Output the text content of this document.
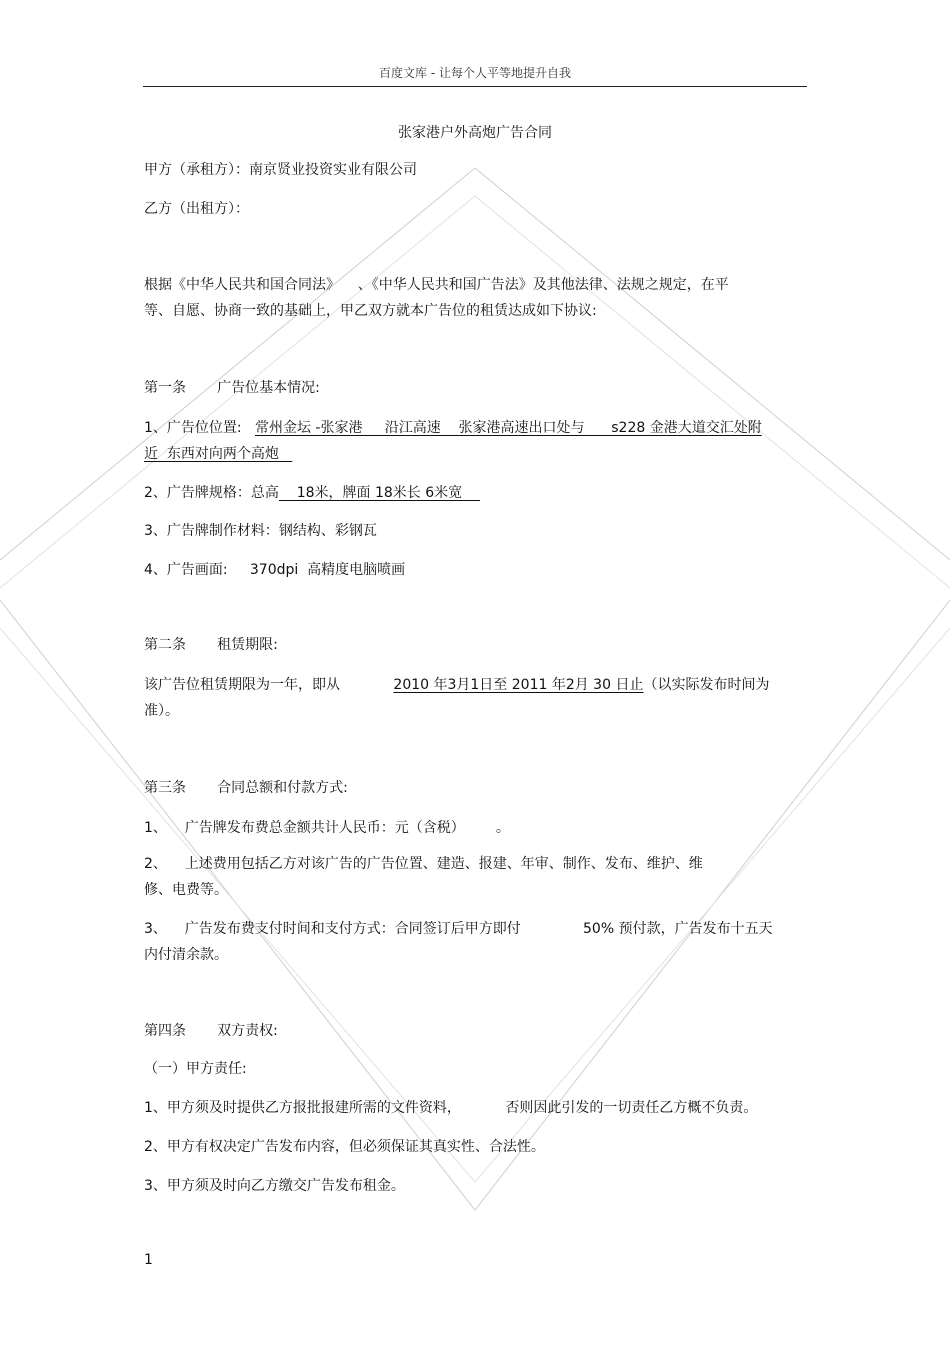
百度文库 - 让每个人平等地提升自我
张家港户外高炮广告合同
甲方（承租方）：南京贤业投资实业有限公司
乙方（出租方）：
根据《中华人民共和国合同法》    、《中华人民共和国广告法》及其他法律、法规之规定，在平
等、自愿、协商一致的基础上，甲乙双方就本广告位的租赁达成如下协议:
第一条       广告位基本情况:
1、广告位位置:   常州金坛 -张家港     沿江高速    张家港高速出口处与      s228 金港大道交汇处附
近  东西对向两个高炮
2、广告牌规格：总高    18米，牌面 18米长 6米宽
3、广告牌制作材料：钢结构、彩钢瓦
4、广告画面:     370dpi  高精度电脑喷画
第二条       租赁期限:
该广告位租赁期限为一年，即从            2010 年3月1日至 2011 年2月 30 日止（以实际发布时间为
准）。
第三条       合同总额和付款方式:
1、    广告牌发布费总金额共计人民币：元（含税）       。
2、    上述费用包括乙方对该广告的广告位置、建造、报建、年审、制作、发布、维护、维
修、电费等。
3、    广告发布费支付时间和支付方式：合同签订后甲方即付              50% 预付款，广告发布十五天
内付清余款。
第四条       双方责权:
（一）甲方责任:
1、甲方须及时提供乙方报批报建所需的文件资料，          否则因此引发的一切责任乙方概不负责。
2、甲方有权决定广告发布内容，但必须保证其真实性、合法性。
3、甲方须及时向乙方缴交广告发布租金。
1
